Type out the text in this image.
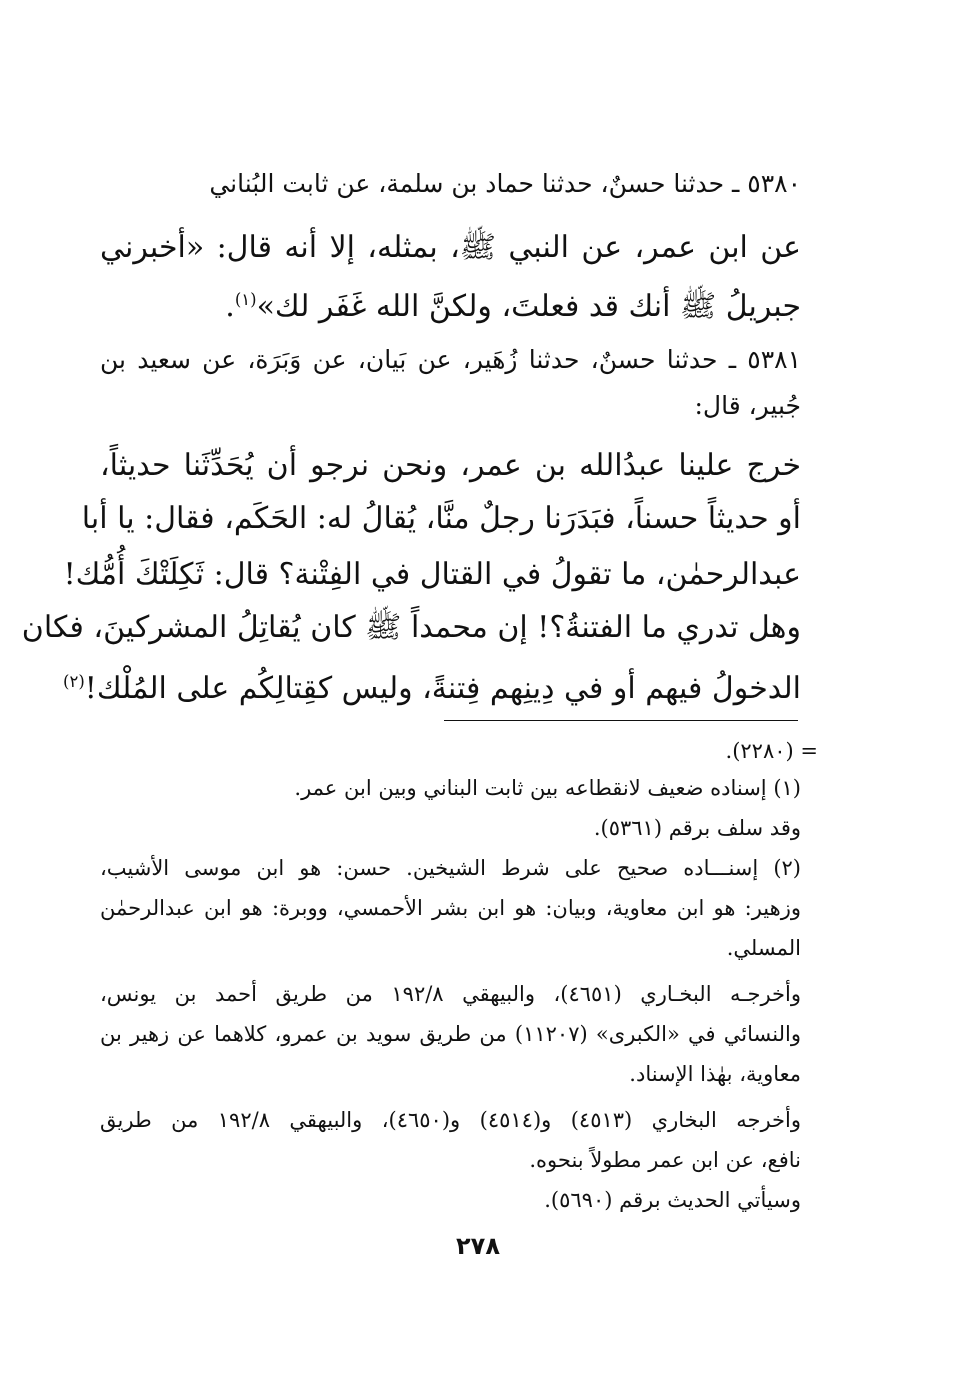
٥٣٨٠ ـ حدثنا حسنٌ، حدثنا حماد بن سلمة، عن ثابت البُناني
عن ابن عمر، عن النبي ﷺ، بمثله، إلا أنه قال: «أخبرني
جبريلُ ﷺ أنك قد فعلتَ، ولكنَّ الله غَفَر لك»$^{(١)}$.
٥٣٨١ ـ حدثنا حسنٌ، حدثنا زُهَير، عن بَيان، عن وَبَرَة، عن سعيد بن
جُبير، قال:
خرج علينا عبدُالله بن عمر، ونحن نرجو أن يُحَدِّثَنا حديثاً،
أو حديثاً حسناً، فبَدَرَنا رجلٌ منَّا، يُقالُ له: الحَكَم، فقال: يا أبا
عبدالرحمٰن، ما تقولُ في القتال في الفِتْنة؟ قال: ثَكِلَتْكَ أُمُّك!
وهل تدري ما الفتنةُ؟! إن محمداً ﷺ كان يُقاتِلُ المشركينَ، فكان
الدخولُ فيهم أو في دِينِهم فِتنةً، وليس كقِتالِكُم على المُلْك!$^{(٢)}$
= (٢٢٨٠).
(١) إسناده ضعيف لانقطاعه بين ثابت البناني وبين ابن عمر.
وقد سلف برقم (٥٣٦١).
(٢) إسنـــاده صحيح على شرط الشيخين. حسن: هو ابن موسى الأشيب،
وزهير: هو ابن معاوية، وبيان: هو ابن بشر الأحمسي، ووبرة: هو ابن عبدالرحمٰن
المسلي.
وأخرجـه البخـاري (٤٦٥١)، والبيهقي ١٩٢/٨ من طريق أحمد بن يونس،
والنسائي في «الكبرى» (١١٢٠٧) من طريق سويد بن عمرو، كلاهما عن زهير بن
معاوية، بهٰذا الإسناد.
وأخرجه البخاري (٤٥١٣) و(٤٥١٤) و(٤٦٥٠)، والبيهقي ١٩٢/٨ من طريق
نافع، عن ابن عمر مطولاً بنحوه.
وسيأتي الحديث برقم (٥٦٩٠).
٢٧٨
